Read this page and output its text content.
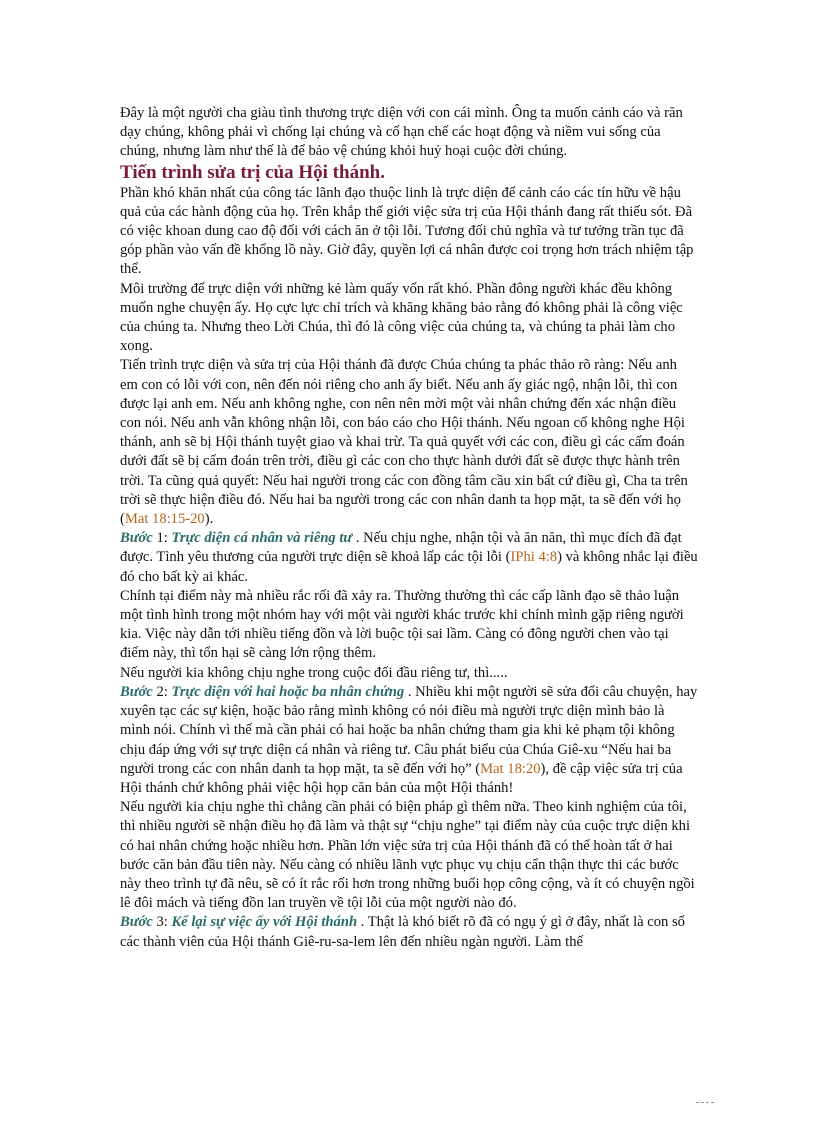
Đây là một người cha giàu tình thương trực diện với con cái mình. Ông ta muốn cảnh cáo và răn dạy chúng, không phải vì chống lại chúng và cố hạn chế các hoạt động và niềm vui sống của chúng, nhưng làm như thế là để bảo vệ chúng khỏi huỷ hoại cuộc đời chúng.

Tiến trình sửa trị của Hội thánh.

Phần khó khăn nhất của công tác lãnh đạo thuộc linh là trực diện để cảnh cáo các tín hữu về hậu quả của các hành động của họ. Trên khắp thế giới việc sửa trị của Hội thánh đang rất thiếu sót. Đã có việc khoan dung cao độ đối với cách ăn ở tội lỗi. Tương đối chủ nghĩa và tư tưởng trần tục đã góp phần vào vấn đề khổng lồ này. Giờ đây, quyền lợi cá nhân được coi trọng hơn trách nhiệm tập thể.

Môi trường để trực diện với những kẻ làm quấy vốn rất khó. Phần đông người khác đều không muốn nghe chuyện ấy. Họ cực lực chỉ trích và khăng khăng bảo rằng đó không phải là công việc của chúng ta. Nhưng theo Lời Chúa, thì đó là công việc của chúng ta, và chúng ta phải làm cho xong.

Tiến trình trực diện và sửa trị của Hội thánh đã được Chúa chúng ta phác thảo rõ ràng: Nếu anh em con có lỗi với con, nên đến nói riêng cho anh ấy biết. Nếu anh ấy giác ngộ, nhận lỗi, thì con được lại anh em. Nếu anh không nghe, con nên nên mời một vài nhân chứng đến xác nhận điều con nói. Nếu anh vẫn không nhận lỗi, con báo cáo cho Hội thánh. Nếu ngoan cố không nghe Hội thánh, anh sẽ bị Hội thánh tuyệt giao và khai trừ. Ta quả quyết với các con, điều gì các cấm đoán dưới đất sẽ bị cấm đoán trên trời, điều gì các con cho thực hành dưới đất sẽ được thực hành trên trời. Ta cũng quả quyết: Nếu hai người trong các con đồng tâm cầu xin bất cứ điều gì, Cha ta trên trời sẽ thực hiện điều đó. Nếu hai ba người trong các con nhân danh ta họp mặt, ta sẽ đến với họ (Mat 18:15-20).

Bước 1: Trực diện cá nhân và riêng tư . Nếu chịu nghe, nhận tội và ăn năn, thì mục đích đã đạt được. Tình yêu thương của người trực diện sẽ khoả lấp các tội lỗi (IPhi 4:8) và không nhắc lại điều đó cho bất kỳ ai khác.

Chính tại điểm này mà nhiều rắc rối đã xảy ra. Thường thường thì các cấp lãnh đạo sẽ thảo luận một tình hình trong một nhóm hay với một vài người khác trước khi chính mình gặp riêng người kia. Việc này dẫn tới nhiều tiếng đồn và lời buộc tội sai lầm. Càng có đông người chen vào tại điểm này, thì tổn hại sẽ càng lớn rộng thêm.

Nếu người kia không chịu nghe trong cuộc đối đầu riêng tư, thì.....

Bước 2: Trực diện với hai hoặc ba nhân chứng . Nhiều khi một người sẽ sửa đổi câu chuyện, hay xuyên tạc các sự kiện, hoặc bảo rằng mình không có nói điều mà người trực diện mình bảo là mình nói. Chính vì thế mà cần phải có hai hoặc ba nhân chứng tham gia khi kẻ phạm tội không chịu đáp ứng với sự trực diện cá nhân và riêng tư. Câu phát biểu của Chúa Giê-xu “Nếu hai ba người trong các con nhân danh ta họp mặt, ta sẽ đến với họ” (Mat 18:20), đề cập việc sửa trị của Hội thánh chứ không phải việc hội họp căn bản của một Hội thánh!

Nếu người kia chịu nghe thì chẳng cần phải có biện pháp gì thêm nữa. Theo kinh nghiệm của tôi, thì nhiều người sẽ nhận điều họ đã làm và thật sự “chịu nghe” tại điểm này của cuộc trực diện khi có hai nhân chứng hoặc nhiều hơn. Phần lớn việc sửa trị của Hội thánh đã có thể hoàn tất ở hai bước căn bản đầu tiên này. Nếu càng có nhiều lãnh vực phục vụ chịu cẩn thận thực thi các bước này theo trình tự đã nêu, sẽ có ít rắc rối hơn trong những buổi họp công cộng, và ít có chuyện ngồi lê đôi mách và tiếng đồn lan truyền về tội lỗi của một người nào đó.

Bước 3: Kể lại sự việc ấy với Hội thánh . Thật là khó biết rõ đã có ngụ ý gì ở đây, nhất là con số các thành viên của Hội thánh Giê-ru-sa-lem lên đến nhiều ngàn người. Làm thế
